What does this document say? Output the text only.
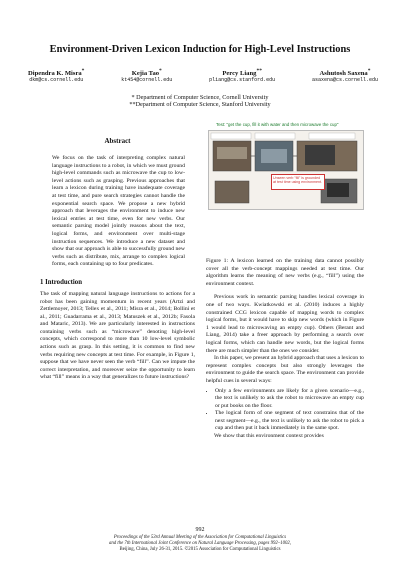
Environment-Driven Lexicon Induction for High-Level Instructions
Dipendra K. Misra*
dkm@cs.cornell.edu
Kejia Tao*
kt454@cornell.edu
Percy Liang**
pliang@cs.stanford.edu
Ashutosh Saxena*
asaxena@cs.cornell.edu
* Department of Computer Science, Cornell University
**Department of Computer Science, Stanford University
Abstract
We focus on the task of interpreting complex natural language instructions to a robot, in which we must ground high-level commands such as microwave the cup to low-level actions such as grasping. Previous approaches that learn a lexicon during training have inadequate coverage at test time, and pure search strategies cannot handle the exponential search space. We propose a new hybrid approach that leverages the environment to induce new lexical entries at test time, even for new verbs. Our semantic parsing model jointly reasons about the text, logical forms, and environment over multi-stage instruction sequences. We introduce a new dataset and show that our approach is able to successfully ground new verbs such as distribute, mix, arrange to complex logical forms, each containing up to four predicates.
1 Introduction

The task of mapping natural language instructions to actions for a robot has been gaining momentum in recent years (Artzi and Zettlemoyer, 2013; Tellex et al., 2011; Misra et al., 2014; Bollini et al., 2011; Guadarrama et al., 2013; Matuszek et al., 2012b; Fasola and Mataric, 2013). We are particularly interested in instructions containing verbs such as “microwave” denoting high-level concepts, which correspond to more than 10 low-level symbolic actions such as grasp. In this setting, it is common to find new verbs requiring new concepts at test time. For example, in Figure 1, suppose that we have never seen the verb “fill”. Can we impute the correct interpretation, and moreover seize the opportunity to learn what “fill” means in a way that generalizes to future instructions?

Test: "get the cup, fill it with water and then microwave the cup"
Unseen verb "fill" is grounded at test time using environment.
Figure 1: A lexicon learned on the training data cannot possibly cover all the verb-concept mappings needed at test time. Our algorithm learns the meaning of new verbs (e.g., “fill”) using the environment context.

Previous work in semantic parsing handles lexical coverage in one of two ways. Kwiatkowski et al. (2010) induces a highly constrained CCG lexicon capable of mapping words to complex logical forms, but it would have to skip new words (which in Figure 1 would lead to microwaving an empty cup). Others (Berant and Liang, 2014) take a freer approach by performing a search over logical forms, which can handle new words, but the logical forms there are much simpler than the ones we consider.

In this paper, we present an hybrid approach that uses a lexicon to represent complex concepts but also strongly leverages the environment to guide the search space. The environment can provide helpful cues in several ways:

• Only a few environments are likely for a given scenario—e.g., the text is unlikely to ask the robot to microwave an empty cup or put books on the floor.
• The logical form of one segment of text constrains that of the next segment—e.g., the text is unlikely to ask the robot to pick a cup and then put it back immediately in the same spot.

We show that this environment context provides

992
Proceedings of the 53rd Annual Meeting of the Association for Computational Linguistics
and the 7th International Joint Conference on Natural Language Processing, pages 992–1002,
Beijing, China, July 26-31, 2015. ©2015 Association for Computational Linguistics
